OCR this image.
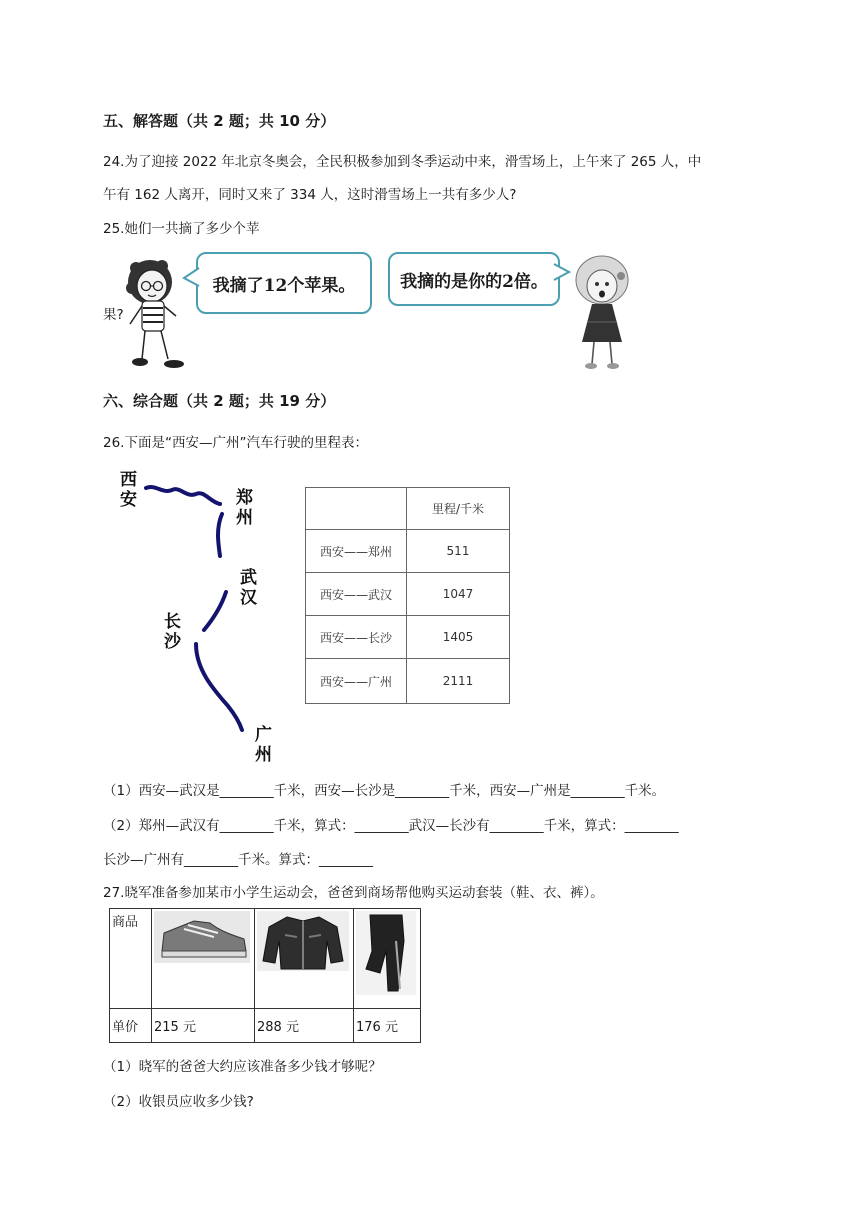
五、解答题（共 2 题；共 10 分）
24.为了迎接 2022 年北京冬奥会，全民积极参加到冬季运动中来，滑雪场上，上午来了 265 人，中
午有 162 人离开，同时又来了 334 人，这时滑雪场上一共有多少人?
25.她们一共摘了多少个苹
果?
我摘了12个苹果。	我摘的是你的2倍。
六、综合题（共 2 题；共 19 分）
26.下面是“西安—广州”汽车行驶的里程表：
西安	郑州
武汉
长沙
广州
	里程/千米
西安——郑州	511
西安——武汉	1047
西安——长沙	1405
西安——广州	2111
（1）西安—武汉是________千米，西安—长沙是________千米，西安—广州是________千米。
（2）郑州—武汉有________千米，算式：________武汉—长沙有________千米，算式：________
长沙—广州有________千米。算式：________
27.晓军准备参加某市小学生运动会，爸爸到商场帮他购买运动套装（鞋、衣、裤）。
商品			
单价	215 元	288 元	176 元
（1）晓军的爸爸大约应该准备多少钱才够呢？
（2）收银员应收多少钱?
